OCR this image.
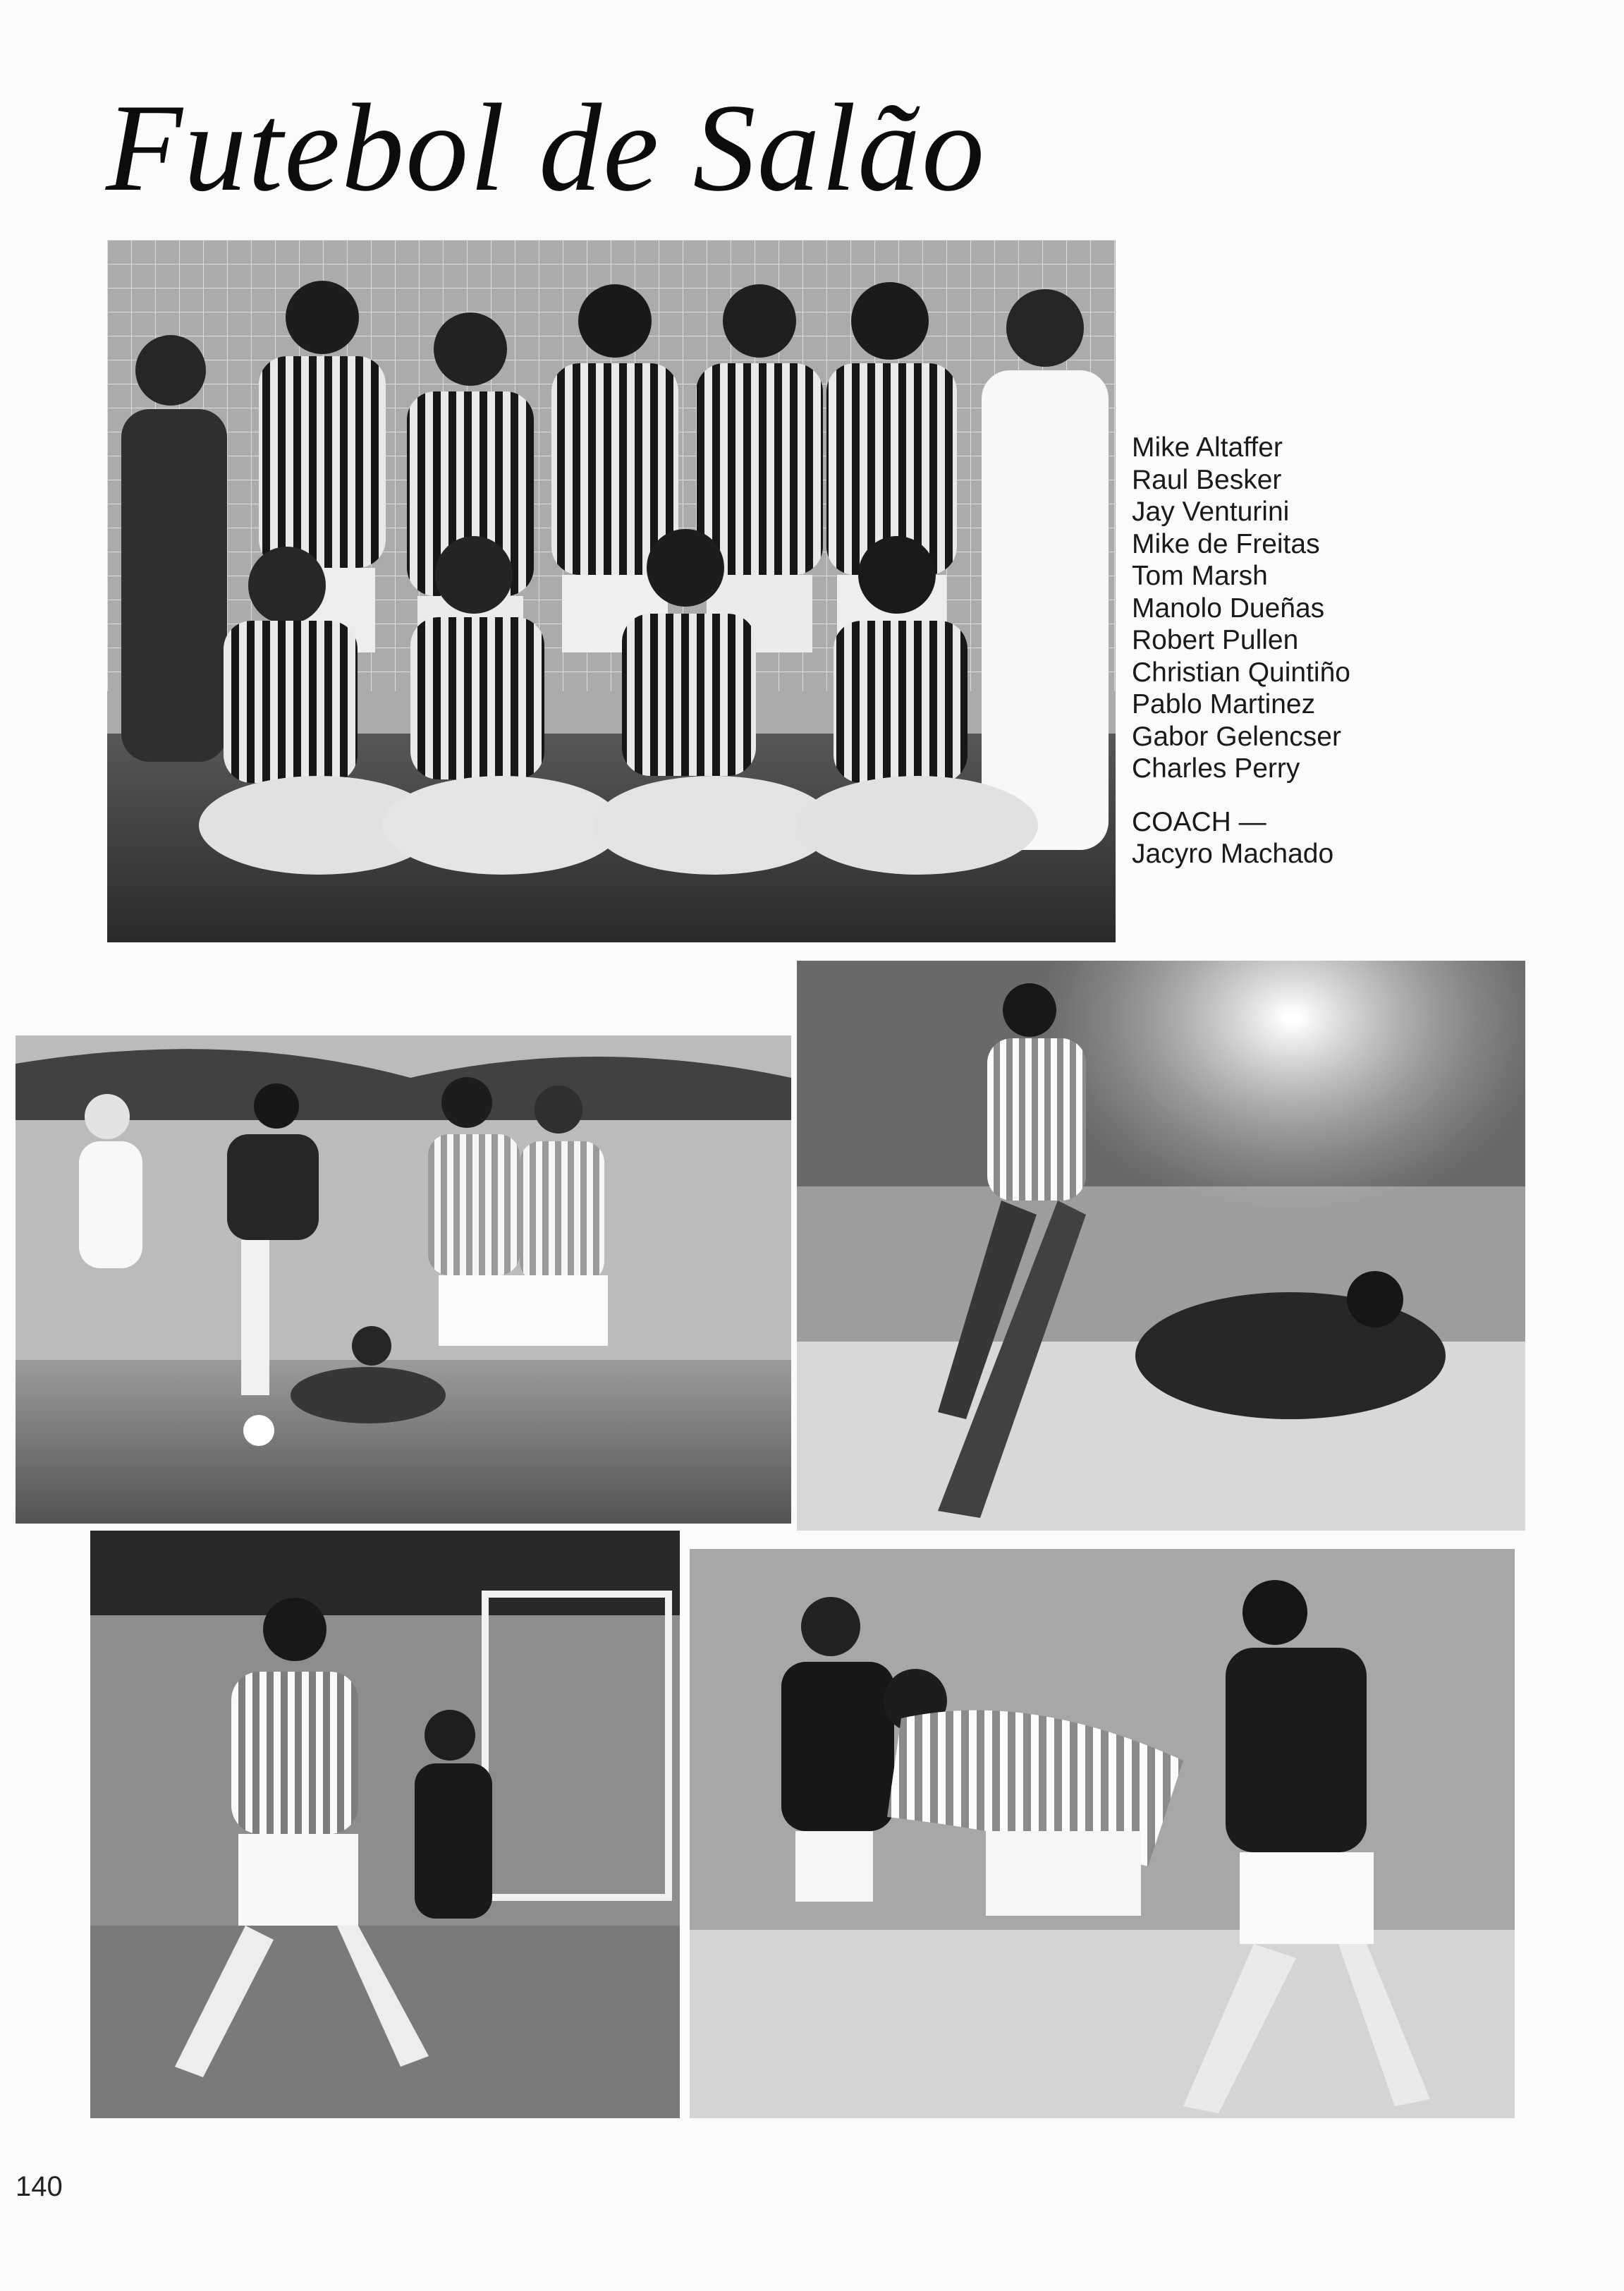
Futebol de Salão
Mike Altaffer
Raul Besker
Jay Venturini
Mike de Freitas
Tom Marsh
Manolo Dueñas
Robert Pullen
Christian Quintiño
Pablo Martinez
Gabor Gelencser
Charles Perry
COACH —
Jacyro Machado
140
